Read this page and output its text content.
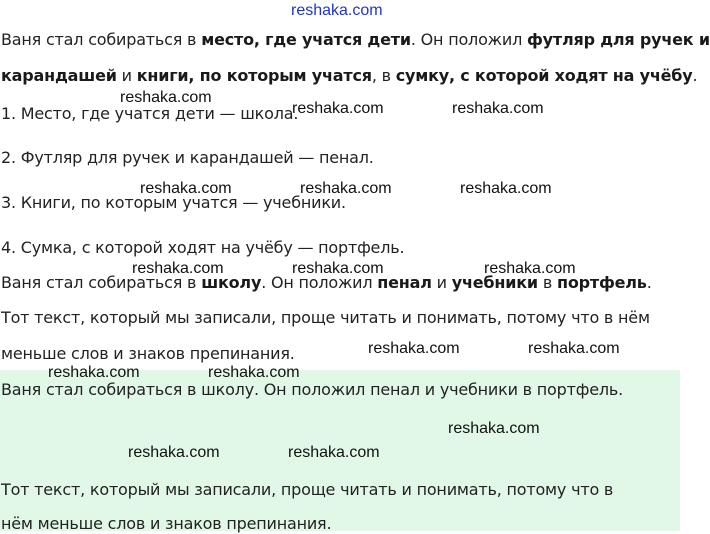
reshaka.com
Ваня стал собираться в место, где учатся дети. Он положил футляр для ручек и
карандашей и книги, по которым учатся, в сумку, с которой ходят на учёбу.
1. Место, где учатся дети — школа.
2. Футляр для ручек и карандашей — пенал.
3. Книги, по которым учатся — учебники.
4. Сумка, с которой ходят на учёбу — портфель.
Ваня стал собираться в школу. Он положил пенал и учебники в портфель.
Тот текст, который мы записали, проще читать и понимать, потому что в нём
меньше слов и знаков препинания.
Ваня стал собираться в школу. Он положил пенал и учебники в портфель.
Тот текст, который мы записали, проще читать и понимать, потому что в
нём меньше слов и знаков препинания.
reshaka.com
reshaka.com	reshaka.com
reshaka.com	reshaka.com	reshaka.com
reshaka.com	reshaka.com	reshaka.com
reshaka.com	reshaka.com
reshaka.com	reshaka.com
reshaka.com
reshaka.com	reshaka.com
